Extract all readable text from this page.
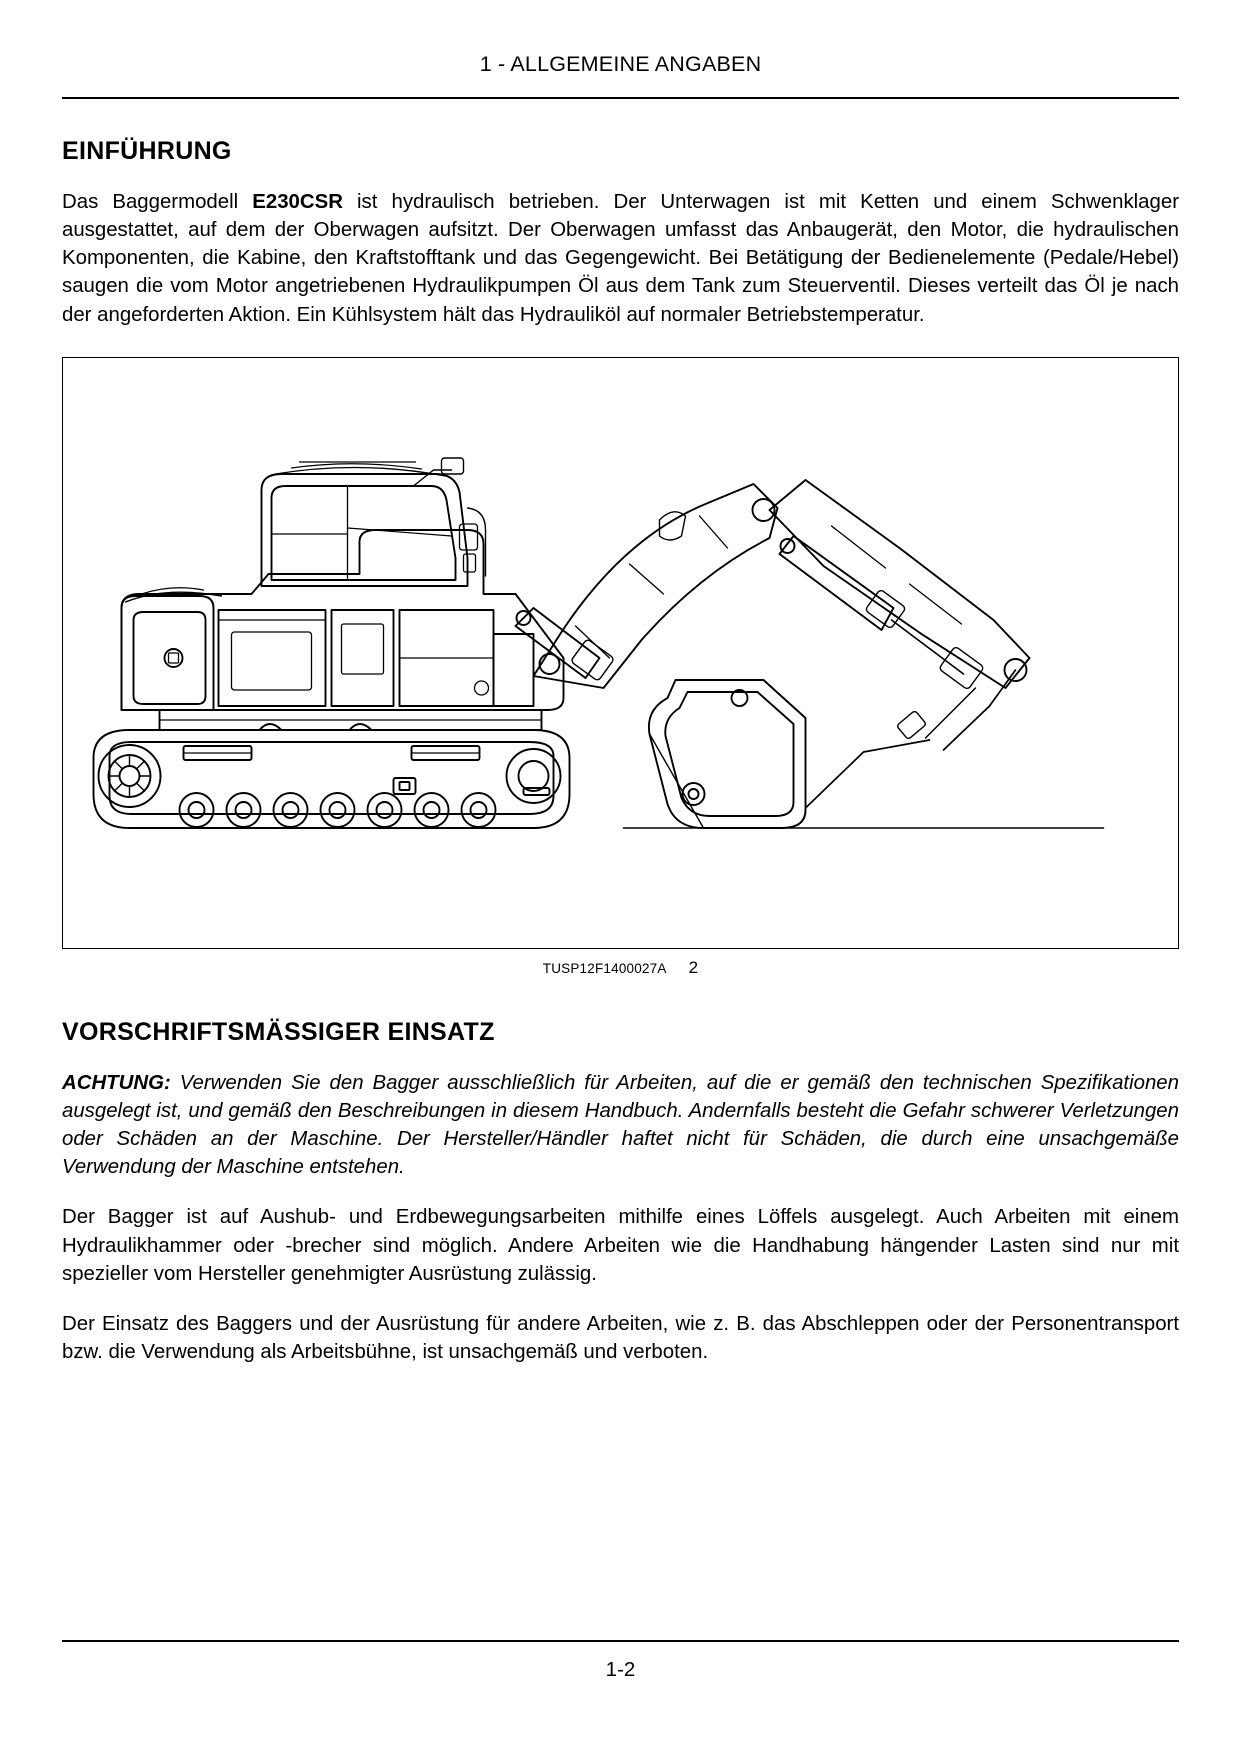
1 - ALLGEMEINE ANGABEN
EINFÜHRUNG

Das Baggermodell E230CSR ist hydraulisch betrieben. Der Unterwagen ist mit Ketten und einem Schwenklager ausgestattet, auf dem der Oberwagen aufsitzt. Der Oberwagen umfasst das Anbaugerät, den Motor, die hydraulischen Komponenten, die Kabine, den Kraftstofftank und das Gegengewicht. Bei Betätigung der Bedienelemente (Pedale/Hebel) saugen die vom Motor angetriebenen Hydraulikpumpen Öl aus dem Tank zum Steuerventil. Dieses verteilt das Öl je nach der angeforderten Aktion. Ein Kühlsystem hält das Hydrauliköl auf normaler Betriebstemperatur.

TUSP12F1400027A 2
VORSCHRIFTSMÄSSIGER EINSATZ

ACHTUNG: Verwenden Sie den Bagger ausschließlich für Arbeiten, auf die er gemäß den technischen Spezifikationen ausgelegt ist, und gemäß den Beschreibungen in diesem Handbuch. Andernfalls besteht die Gefahr schwerer Verletzungen oder Schäden an der Maschine. Der Hersteller/Händler haftet nicht für Schäden, die durch eine unsachgemäße Verwendung der Maschine entstehen.

Der Bagger ist auf Aushub- und Erdbewegungsarbeiten mithilfe eines Löffels ausgelegt. Auch Arbeiten mit einem Hydraulikhammer oder -brecher sind möglich. Andere Arbeiten wie die Handhabung hängender Lasten sind nur mit spezieller vom Hersteller genehmigter Ausrüstung zulässig.

Der Einsatz des Baggers und der Ausrüstung für andere Arbeiten, wie z. B. das Abschleppen oder der Personentransport bzw. die Verwendung als Arbeitsbühne, ist unsachgemäß und verboten.

1-2
